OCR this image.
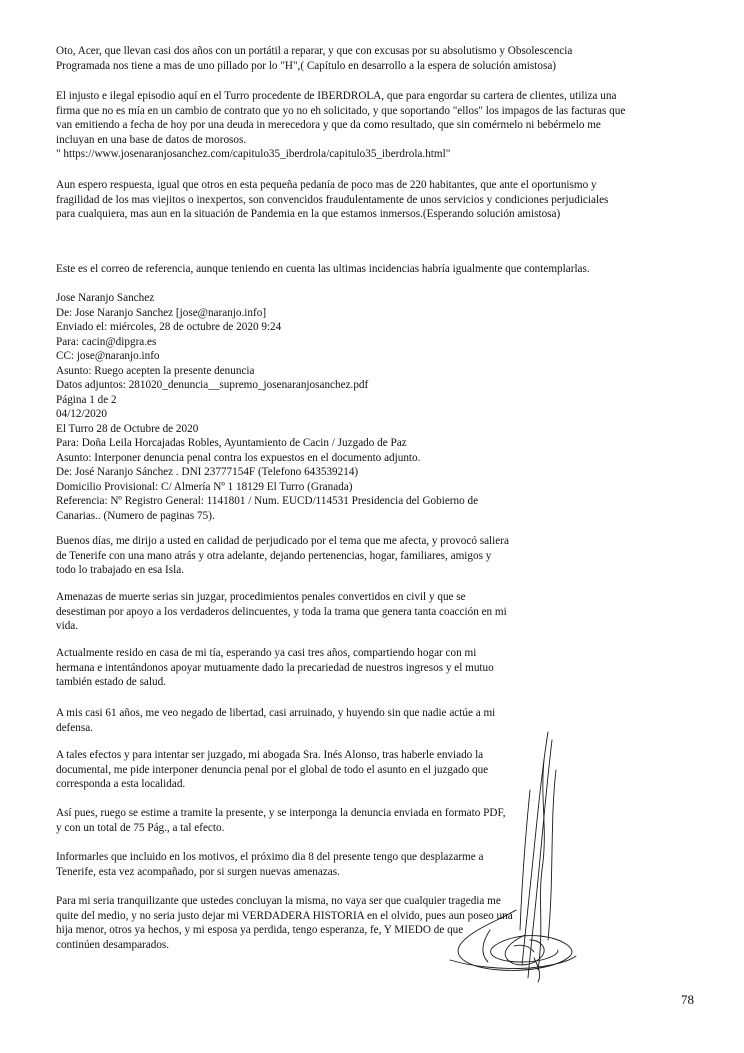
Oto, Acer, que llevan casi dos años con un portátil a reparar, y que con excusas por su absolutismo y Obsolescencia
Programada nos tiene a mas de uno pillado por lo "H",( Capítulo en desarrollo a la espera de solución amistosa)
El injusto e ilegal episodio aquí en el Turro procedente de IBERDROLA, que para engordar su cartera de clientes, utiliza una
firma que no es mía en un cambio de contrato que yo no eh solicitado, y que soportando "ellos" los impagos de las facturas que
van emitiendo a fecha de hoy por una deuda in merecedora y que da como resultado, que sin comérmelo ni bebérmelo me
incluyan en una base de datos de morosos.
" https://www.josenaranjosanchez.com/capitulo35_iberdrola/capitulo35_iberdrola.html"
Aun espero respuesta, igual que otros en esta pequeña pedanía de poco mas de 220 habitantes, que ante el oportunismo y
fragilidad de los mas viejitos o inexpertos, son convencidos fraudulentamente de unos servicios y condiciones perjudiciales
para cualquiera, mas aun en la situación de Pandemia en la que estamos inmersos.(Esperando solución amistosa)
Este es el correo de referencia, aunque teniendo en cuenta las ultimas incidencias habría igualmente que contemplarlas.
Jose Naranjo Sanchez
De: Jose Naranjo Sanchez [jose@naranjo.info]
Enviado el: miércoles, 28 de octubre de 2020 9:24
Para: cacin@dipgra.es
CC: jose@naranjo.info
Asunto: Ruego acepten la presente denuncia
Datos adjuntos: 281020_denuncia__supremo_josenaranjosanchez.pdf
Página 1 de 2
04/12/2020
El Turro 28 de Octubre de 2020
Para: Doña Leila Horcajadas Robles, Ayuntamiento de Cacin / Juzgado de Paz
Asunto: Interponer denuncia penal contra los expuestos en el documento adjunto.
De: José Naranjo Sánchez . DNI 23777154F (Telefono 643539214)
Domicilio Provisional: C/ Almería Nº 1 18129 El Turro (Granada)
Referencia: Nº Registro General: 1141801 / Num. EUCD/114531 Presidencia del Gobierno de
Canarias.. (Numero de paginas 75).
Buenos días, me dirijo a usted en calidad de perjudicado por el tema que me afecta, y provocó saliera
de Tenerife con una mano atrás y otra adelante, dejando pertenencias, hogar, familiares, amigos y
todo lo trabajado en esa Isla.
Amenazas de muerte serias sin juzgar, procedimientos penales convertidos en civil y que se
desestiman por apoyo a los verdaderos delincuentes, y toda la trama que genera tanta coacción en mi
vida.
Actualmente resido en casa de mi tía, esperando ya casi tres años, compartiendo hogar con mi
hermana e intentándonos apoyar mutuamente dado la precariedad de nuestros ingresos y el mutuo
también estado de salud.
A mis casi 61 años, me veo negado de libertad, casi arruinado, y huyendo sin que nadie actúe a mi
defensa.
A tales efectos y para intentar ser juzgado, mi abogada Sra. Inés Alonso, tras haberle enviado la
documental, me pide interponer denuncia penal por el global de todo el asunto en el juzgado que
corresponda a esta localidad.
Así pues, ruego se estime a tramite la presente, y se interponga la denuncia enviada en formato PDF,
y con un total de 75 Pág., a tal efecto.
Informarles que incluido en los motivos, el próximo dia 8 del presente tengo que desplazarme a
Tenerife, esta vez acompañado, por si surgen nuevas amenazas.
Para mi seria tranquilizante que ustedes concluyan la misma, no vaya ser que cualquier tragedia me
quite del medio, y no seria justo dejar mi VERDADERA HISTORIA en el olvido, pues aun poseo una
hija menor, otros ya hechos, y mi esposa ya perdida, tengo esperanza, fe, Y MIEDO de que
continúen desamparados.
78
